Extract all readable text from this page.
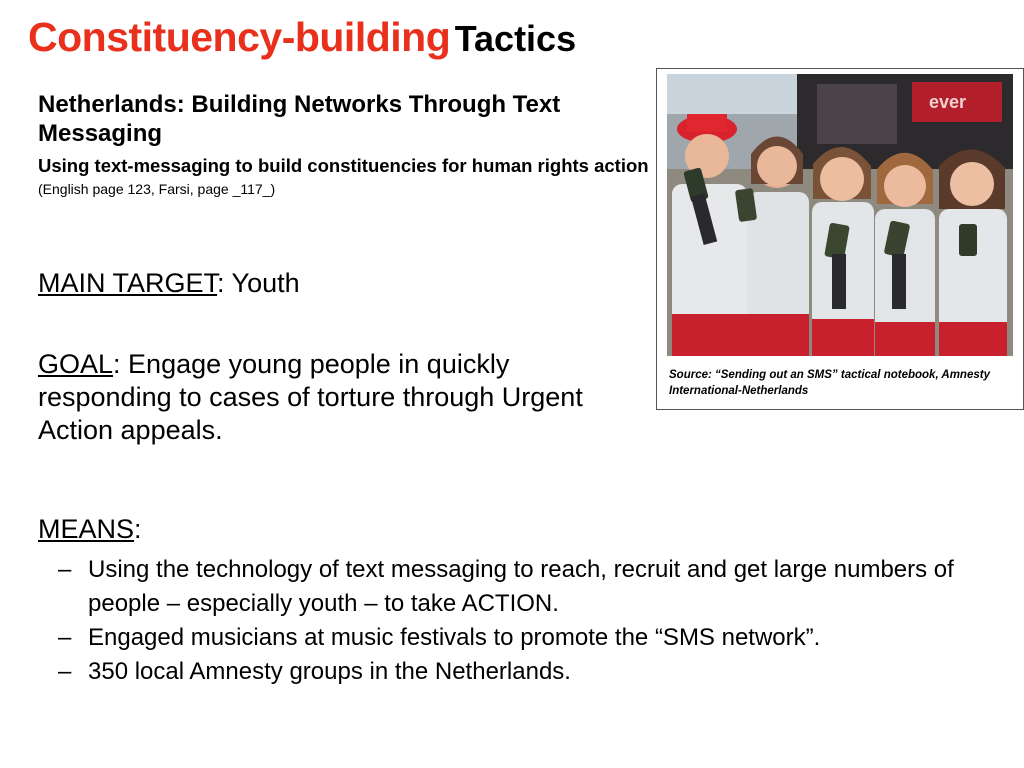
Constituency-building Tactics
Netherlands: Building Networks Through Text Messaging
Using text-messaging to build constituencies for human rights action (English page 123, Farsi, page _117_)
MAIN TARGET: Youth
GOAL: Engage young people in quickly responding to cases of torture through Urgent Action appeals.
MEANS:
– Using the technology of text messaging to reach, recruit and get large numbers of people – especially youth – to take ACTION.
– Engaged musicians at music festivals to promote the “SMS network”.
– 350 local Amnesty groups in the Netherlands.
ever
Source: “Sending out an SMS” tactical notebook, Amnesty International-Netherlands
